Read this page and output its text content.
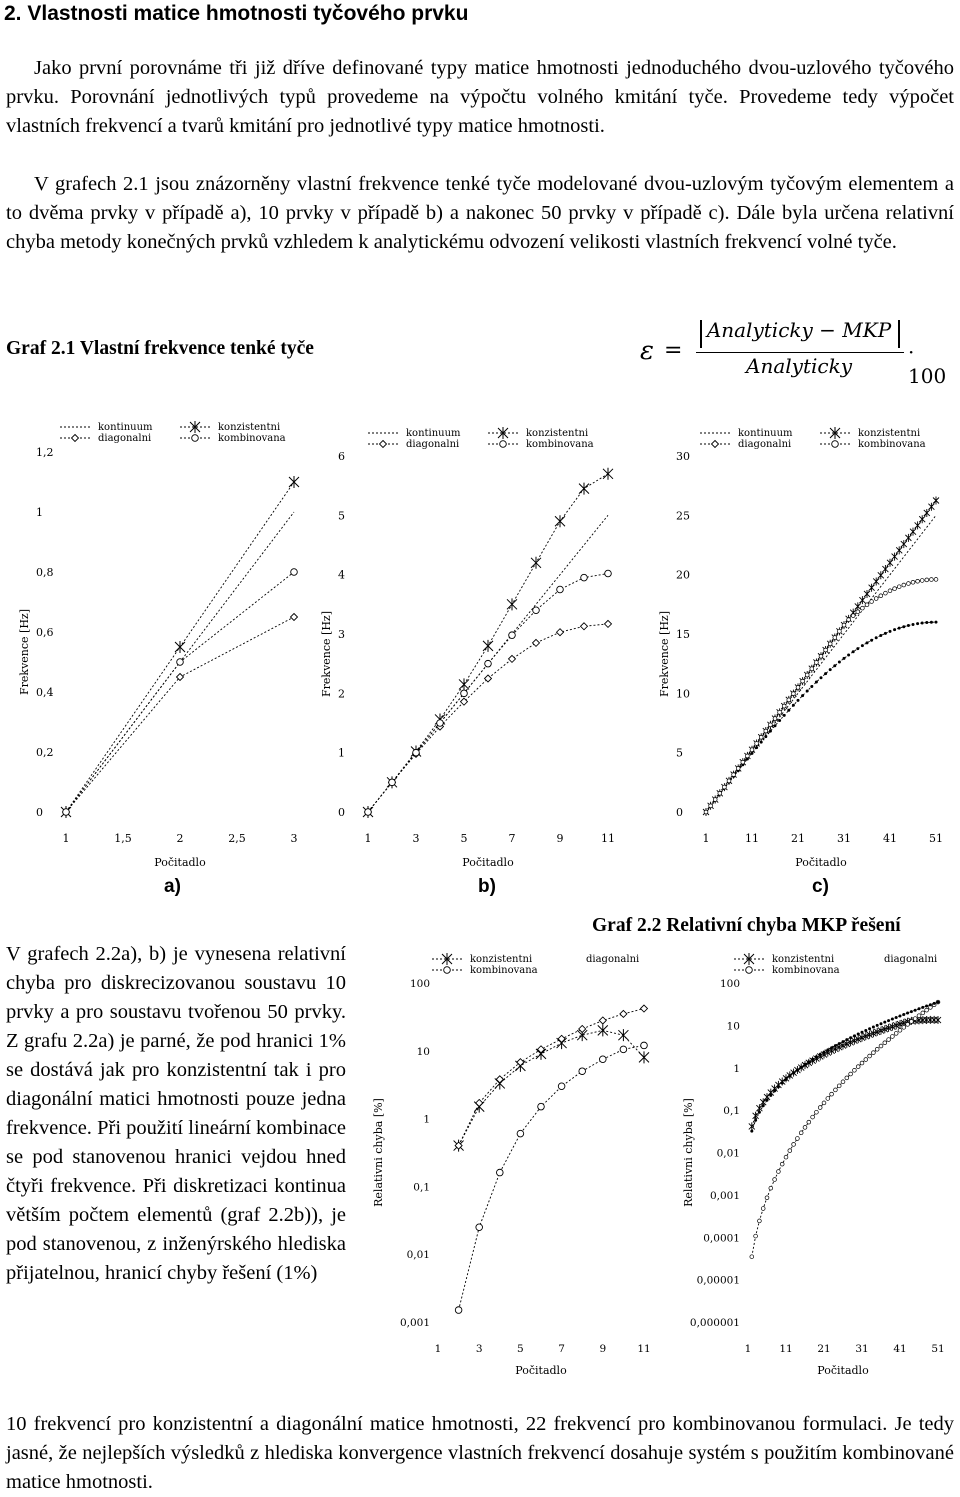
2. Vlastnosti matice hmotnosti tyčového prvku

Jako první porovnáme tři již dříve definované typy matice hmotnosti jednoduchého dvou-uzlového tyčového prvku. Porovnání jednotlivých typů provedeme na výpočtu volného kmitání tyče. Provedeme tedy výpočet vlastních frekvencí a tvarů kmitání pro jednotlivé typy matice hmotnosti.

V grafech 2.1 jsou znázorněny vlastní frekvence tenké tyče modelované dvou-uzlovým tyčovým elementem a to dvěma prvky v případě a), 10 prvky v případě b) a nakonec 50 prvky v případě c). Dále byla určena relativní chyba metody konečných prvků vzhledem k analytickému odvození velikosti vlastních frekvencí volné tyče.

Graf 2.1 Vlastní frekvence tenké tyče	ε =
Analyticky − MKP
Analyticky
· 100
kontinuum	konzistentni
diagonalni	kombinovana	kontinuum	konzistentni
diagonalni	kombinovana
kontinuum	konzistentni
diagonalni	kombinovana
0
0,2
0,4
0,6
0,8
1
1,2
1	1,5	2	2,5	3
Počitadlo
Frekvence [Hz]
0
1
2
3
4
5
6
1	3	5	7	9	11
Počitadlo
Frekvence [Hz]
0
5
10
15
20
25
30
1	11	21	31	41	51
Počitadlo
Frekvence [Hz]
konzistentni
kombinovana
diagonalni	konzistentni
kombinovana
diagonalni
0,001
0,01
0,1
1
10
100
1	3	5	7	9	11
Počitadlo
Relativni chyba [%]
0,000001
0,00001
0,0001
0,001
0,01
0,1
1
10
100
1	11 21 31 41 51
Počitadlo
Relativni chyba [%]
a)	b)	c)
Graf 2.2 Relativní chyba MKP řešení

V grafech 2.2a), b) je vynesena relativní chyba pro diskrecizovanou soustavu 10 prvky a pro soustavu tvořenou 50 prvky. Z grafu 2.2a) je parné, že pod hranici 1% se dostává jak pro konzistentní tak i pro diagonální matici hmotnosti pouze jedna frekvence. Při použití lineární kombinace se pod stanovenou hranici vejdou hned čtyři frekvence. Při diskretizaci kontinua větším počtem elementů (graf 2.2b)), je pod stanovenou, z inženýrského hlediska přijatelnou, hranicí chyby řešení (1%)

10 frekvencí pro konzistentní a diagonální matice hmotnosti, 22 frekvencí pro kombinovanou formulaci. Je tedy jasné, že nejlepších výsledků z hlediska konvergence vlastních frekvencí dosahuje systém s použitím kombinované matice hmotnosti.
